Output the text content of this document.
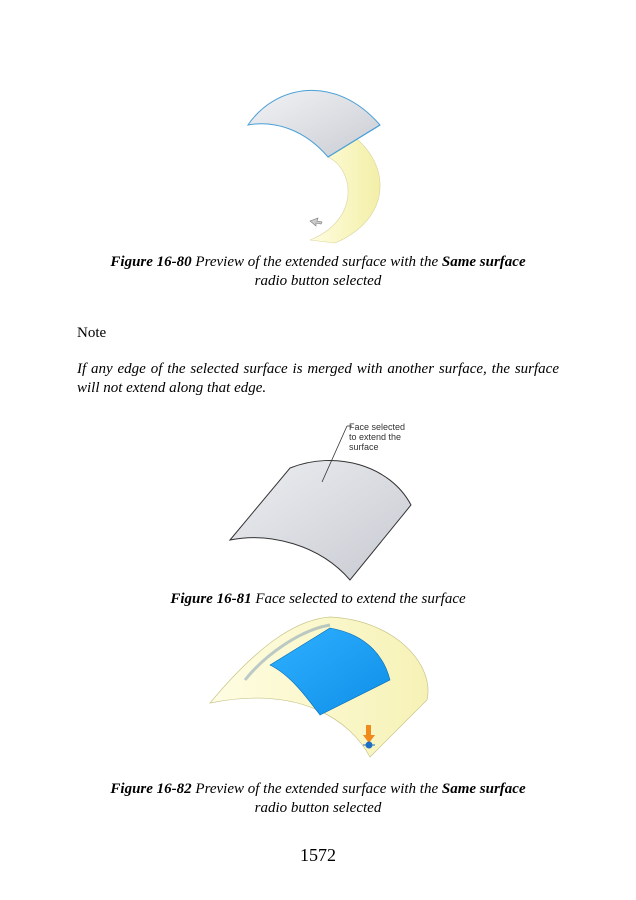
Figure 16-80 Preview of the extended surface with the Same surface
radio button selected
Note
If any edge of the selected surface is merged with another surface, the surface will not extend along that edge.
Face selected
to extend the
surface
Figure 16-81 Face selected to extend the surface
Figure 16-82 Preview of the extended surface with the Same surface
radio button selected
1572
